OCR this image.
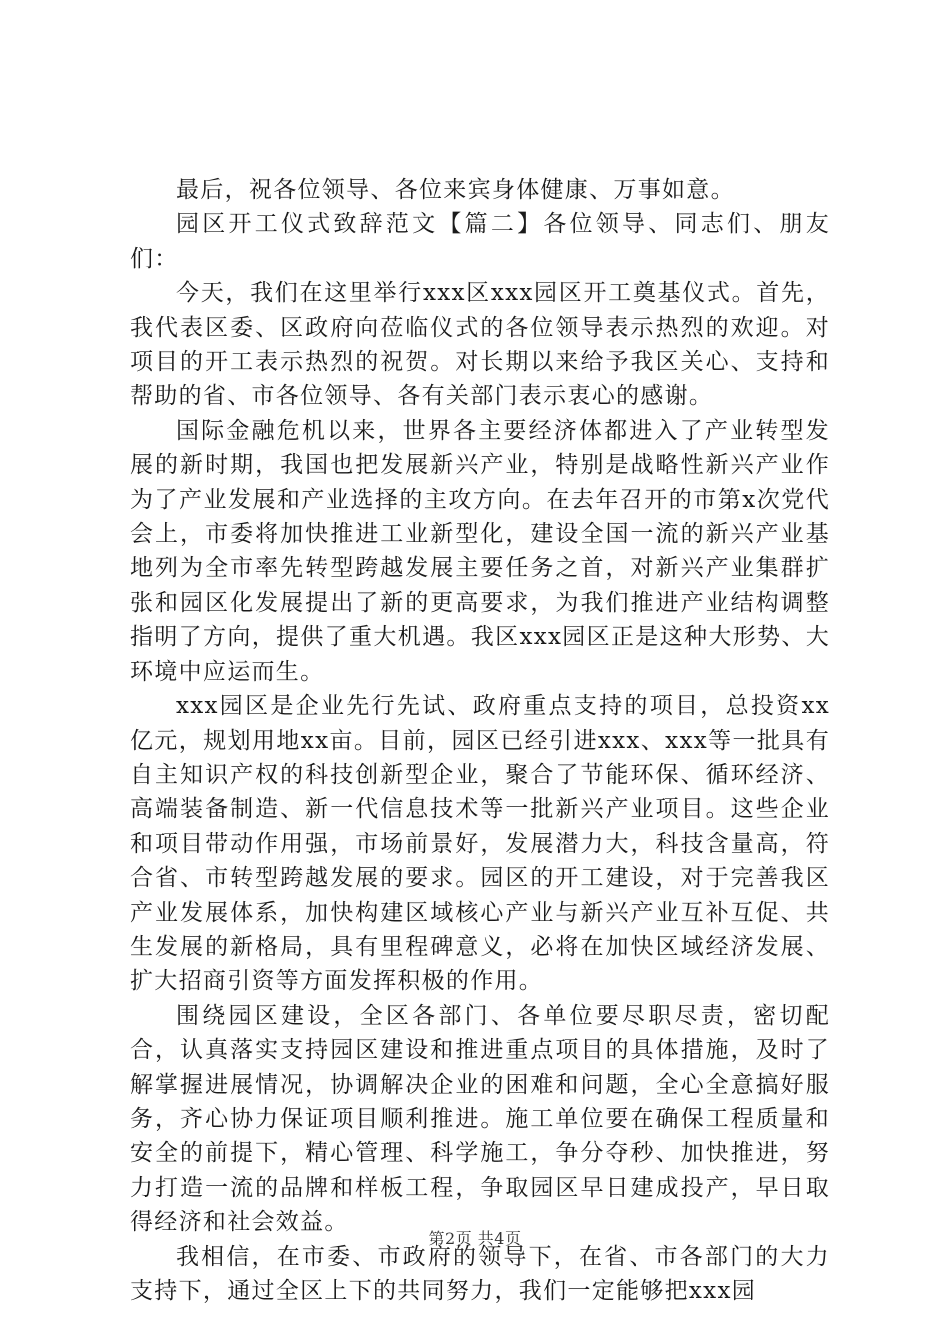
最后，祝各位领导、各位来宾身体健康、万事如意。

园区开工仪式致辞范文【篇二】各位领导、同志们、朋友们：

今天，我们在这里举行xxx区xxx园区开工奠基仪式。首先，我代表区委、区政府向莅临仪式的各位领导表示热烈的欢迎。对项目的开工表示热烈的祝贺。对长期以来给予我区关心、支持和帮助的省、市各位领导、各有关部门表示衷心的感谢。

国际金融危机以来，世界各主要经济体都进入了产业转型发展的新时期，我国也把发展新兴产业，特别是战略性新兴产业作为了产业发展和产业选择的主攻方向。在去年召开的市第x次党代会上，市委将加快推进工业新型化，建设全国一流的新兴产业基地列为全市率先转型跨越发展主要任务之首，对新兴产业集群扩张和园区化发展提出了新的更高要求，为我们推进产业结构调整指明了方向，提供了重大机遇。我区xxx园区正是这种大形势、大环境中应运而生。

xxx园区是企业先行先试、政府重点支持的项目，总投资xx亿元，规划用地xx亩。目前，园区已经引进xxx、xxx等一批具有自主知识产权的科技创新型企业，聚合了节能环保、循环经济、高端装备制造、新一代信息技术等一批新兴产业项目。这些企业和项目带动作用强，市场前景好，发展潜力大，科技含量高，符合省、市转型跨越发展的要求。园区的开工建设，对于完善我区产业发展体系，加快构建区域核心产业与新兴产业互补互促、共生发展的新格局，具有里程碑意义，必将在加快区域经济发展、扩大招商引资等方面发挥积极的作用。

围绕园区建设，全区各部门、各单位要尽职尽责，密切配合，认真落实支持园区建设和推进重点项目的具体措施，及时了解掌握进展情况，协调解决企业的困难和问题，全心全意搞好服务，齐心协力保证项目顺利推进。施工单位要在确保工程质量和安全的前提下，精心管理、科学施工，争分夺秒、加快推进，努力打造一流的品牌和样板工程，争取园区早日建成投产，早日取得经济和社会效益。

我相信，在市委、市政府的领导下，在省、市各部门的大力支持下，通过全区上下的共同努力，我们一定能够把xxx园

第2页 共4页
